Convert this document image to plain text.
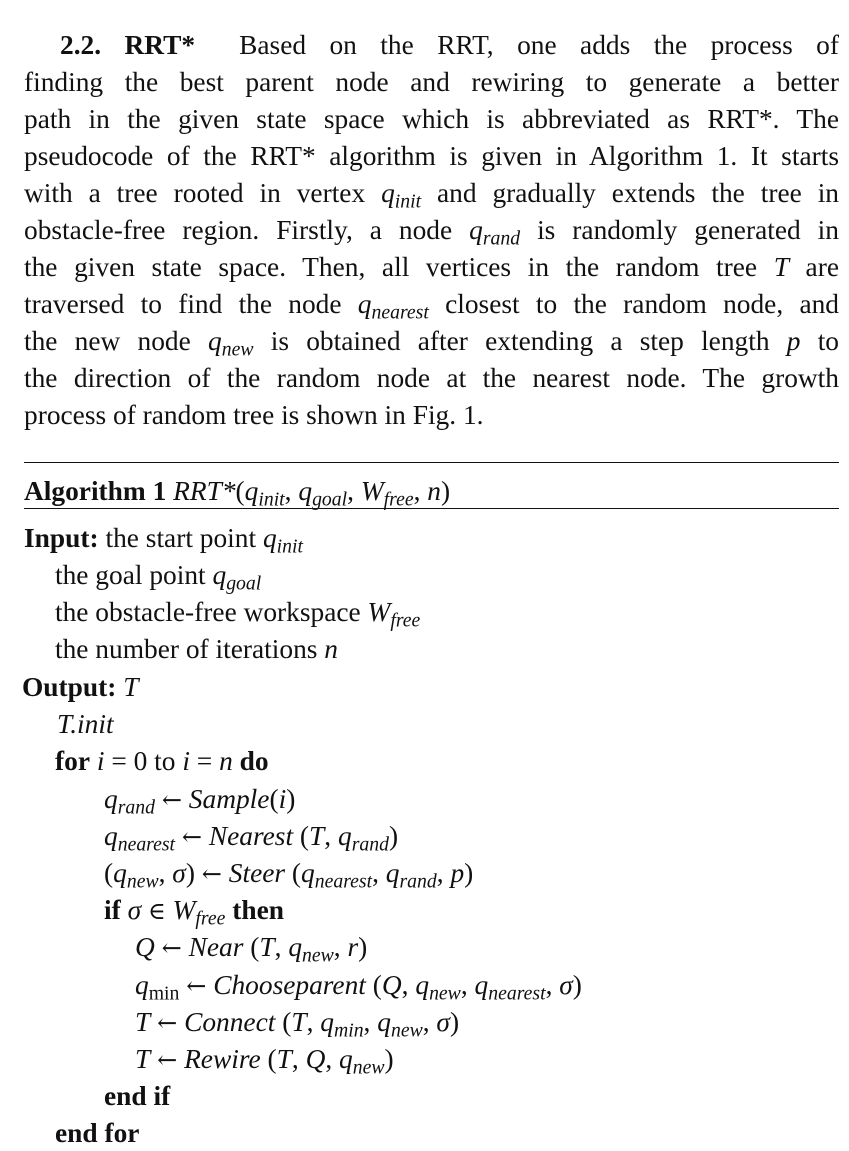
2.2. RRT* Based on the RRT, one adds the process of
finding the best parent node and rewiring to generate a better
path in the given state space which is abbreviated as RRT*. The
pseudocode of the RRT* algorithm is given in Algorithm 1. It starts
with a tree rooted in vertex $q_{init}$ and gradually extends the tree in
obstacle-free region. Firstly, a node $q_{rand}$ is randomly generated in
the given state space. Then, all vertices in the random tree T are
traversed to find the node $q_{nearest}$ closest to the random node, and
the new node $q_{new}$ is obtained after extending a step length p to
the direction of the random node at the nearest node. The growth
process of random tree is shown in Fig. 1.
Algorithm 1 $RRT*(q_{init}$, $q_{goal}$, $W_{free}$, n)
Input: the start point $q_{init}$
the goal point $q_{goal}$
the obstacle-free workspace $W_{free}$
the number of iterations n
Output: T
T.init
for i = 0 to i = n do
$q_{rand}$ ← Sample(i)
$q_{nearest}$ ← Nearest (T, $q_{rand}$)
($q_{new}$, σ) ← Steer ($q_{nearest}$, $q_{rand}$, p)
if σ ∈ $W_{free}$ then
Q ← Near (T, $q_{new}$, r)
$q_{min}$ ← Chooseparent (Q, $q_{new}$, $q_{nearest}$, σ)
T ← Connect (T, $q_{min}$, $q_{new}$, σ)
T ← Rewire (T, Q, $q_{new}$)
end if
end for
